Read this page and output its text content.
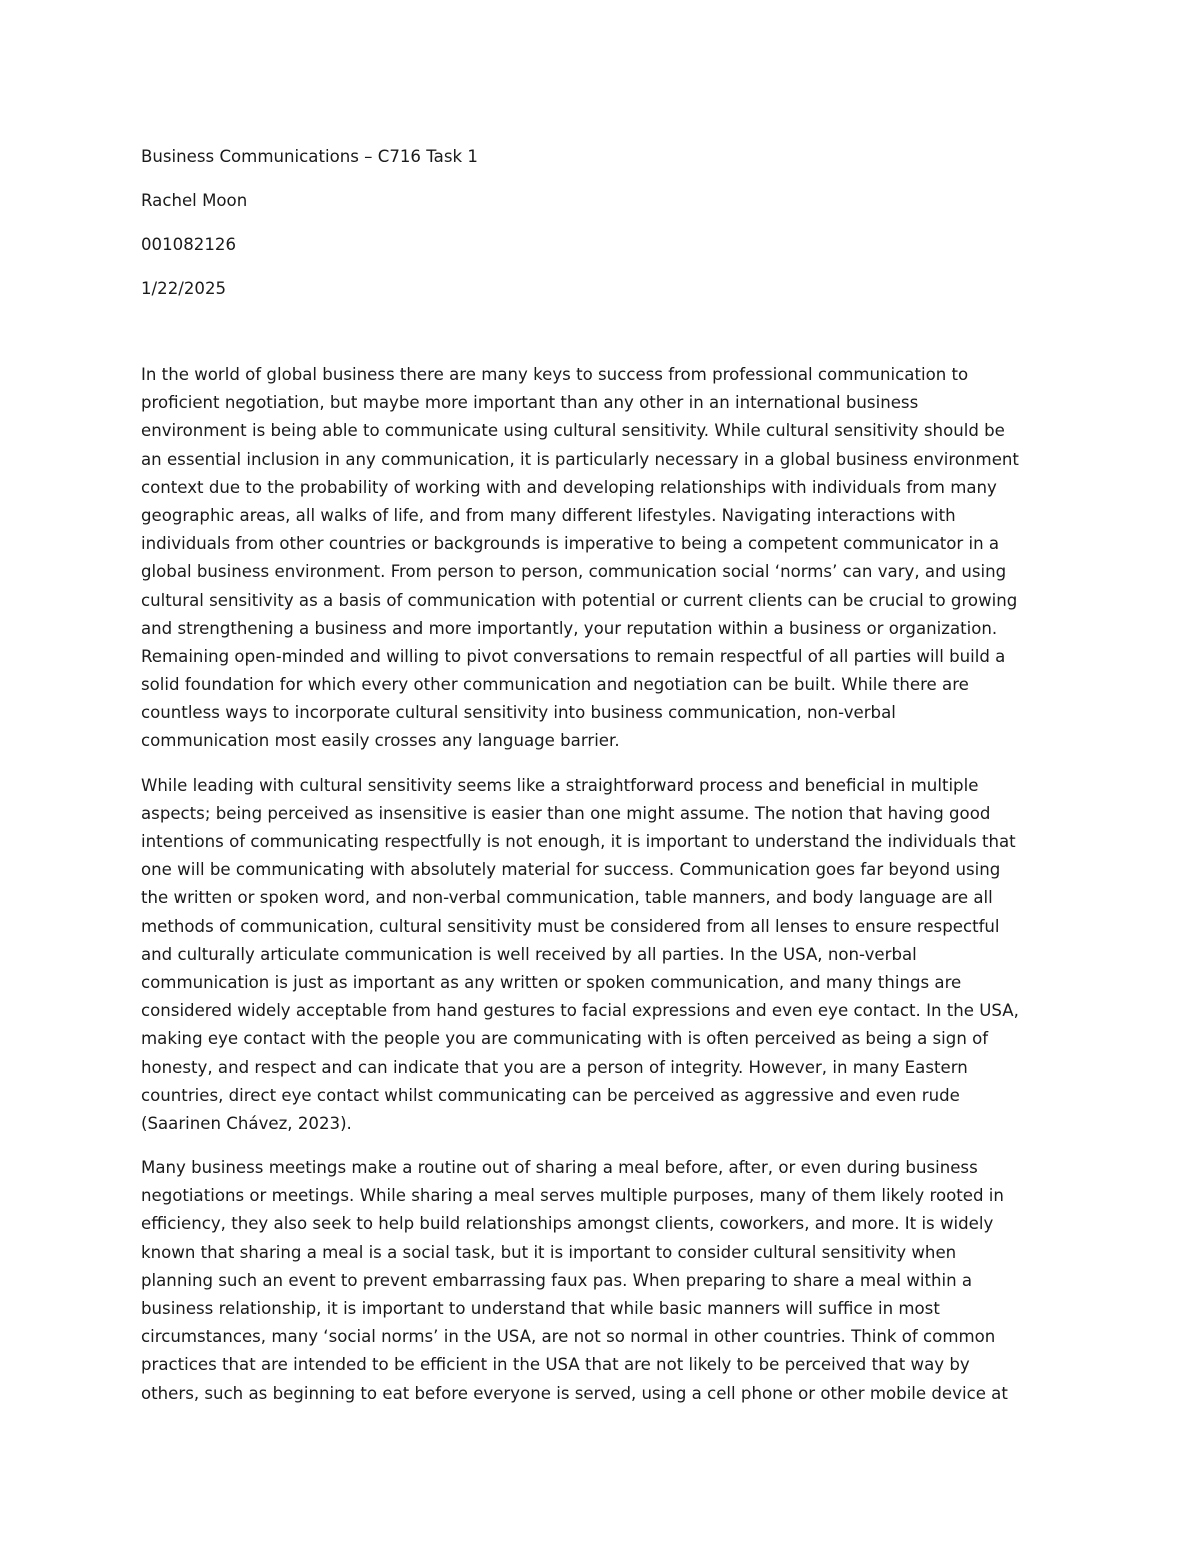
Business Communications – C716 Task 1
Rachel Moon
001082126
1/22/2025
In the world of global business there are many keys to success from professional communication to
proficient negotiation, but maybe more important than any other in an international business
environment is being able to communicate using cultural sensitivity. While cultural sensitivity should be
an essential inclusion in any communication, it is particularly necessary in a global business environment
context due to the probability of working with and developing relationships with individuals from many
geographic areas, all walks of life, and from many different lifestyles. Navigating interactions with
individuals from other countries or backgrounds is imperative to being a competent communicator in a
global business environment. From person to person, communication social ‘norms’ can vary, and using
cultural sensitivity as a basis of communication with potential or current clients can be crucial to growing
and strengthening a business and more importantly, your reputation within a business or organization.
Remaining open-minded and willing to pivot conversations to remain respectful of all parties will build a
solid foundation for which every other communication and negotiation can be built. While there are
countless ways to incorporate cultural sensitivity into business communication, non-verbal
communication most easily crosses any language barrier.
While leading with cultural sensitivity seems like a straightforward process and beneficial in multiple
aspects; being perceived as insensitive is easier than one might assume. The notion that having good
intentions of communicating respectfully is not enough, it is important to understand the individuals that
one will be communicating with absolutely material for success. Communication goes far beyond using
the written or spoken word, and non-verbal communication, table manners, and body language are all
methods of communication, cultural sensitivity must be considered from all lenses to ensure respectful
and culturally articulate communication is well received by all parties. In the USA, non-verbal
communication is just as important as any written or spoken communication, and many things are
considered widely acceptable from hand gestures to facial expressions and even eye contact. In the USA,
making eye contact with the people you are communicating with is often perceived as being a sign of
honesty, and respect and can indicate that you are a person of integrity. However, in many Eastern
countries, direct eye contact whilst communicating can be perceived as aggressive and even rude
(Saarinen Chávez, 2023).
Many business meetings make a routine out of sharing a meal before, after, or even during business
negotiations or meetings. While sharing a meal serves multiple purposes, many of them likely rooted in
efficiency, they also seek to help build relationships amongst clients, coworkers, and more. It is widely
known that sharing a meal is a social task, but it is important to consider cultural sensitivity when
planning such an event to prevent embarrassing faux pas. When preparing to share a meal within a
business relationship, it is important to understand that while basic manners will suffice in most
circumstances, many ‘social norms’ in the USA, are not so normal in other countries. Think of common
practices that are intended to be efficient in the USA that are not likely to be perceived that way by
others, such as beginning to eat before everyone is served, using a cell phone or other mobile device at
